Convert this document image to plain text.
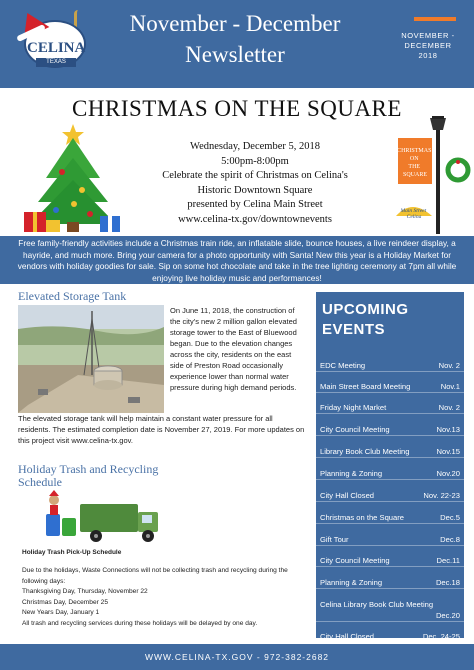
CELINA
TEXAS
November - December
Newsletter
NOVEMBER -
DECEMBER
2018
CHRISTMAS ON THE SQUARE
Wednesday, December 5, 2018
5:00pm-8:00pm
Celebrate the spirit of Christmas on Celina's
Historic Downtown Square
presented by Celina Main Street
www.celina-tx.gov/downtownevents
CHRISTMAS ON THE SQUARE
Main Street Celina
Free family-friendly activities include a Christmas train ride, an inflatable slide, bounce houses, a live reindeer display, a hayride, and much more. Bring your camera for a photo opportunity with Santa! New this year is a Holiday Market for vendors with holiday goodies for sale. Sip on some hot chocolate and take in the tree lighting ceremony at 7pm all while enjoying live holiday music and performances!
Elevated Storage Tank
On June 11, 2018, the construction of the city's new 2 million gallon elevated storage tower to the East of Bluewood began. Due to the elevation changes across the city, residents on the east side of Preston Road occasionally experience lower than normal water pressure during high demand periods.
The elevated storage tank will help maintain a constant water pressure for all residents. The estimated completion date is November 27, 2019. For more updates on this project visit www.celina-tx.gov.
Holiday Trash and Recycling
Schedule
Holiday Trash Pick-Up Schedule
Due to the holidays, Waste Connections will not be collecting trash and recycling during the following days:
Thanksgiving Day, Thursday, November 22
Christmas Day, December 25
New Years Day, January 1
All trash and recycling services during these holidays will be delayed by one day.
UPCOMING
EVENTS
EDC Meeting	Nov. 2
Main Street Board Meeting	Nov.1
Friday Night Market	Nov. 2
City Council Meeting	Nov.13
Library Book Club Meeting	Nov.15
Planning & Zoning	Nov.20
City Hall Closed	Nov. 22-23
Christmas on the Square	Dec.5
Gift Tour	Dec.8
City Council Meeting	Dec.11
Planning & Zoning	Dec.18
Celina Library Book Club Meeting
Dec.20
City Hall Closed	Dec. 24-25
WWW.CELINA-TX.GOV - 972-382-2682
